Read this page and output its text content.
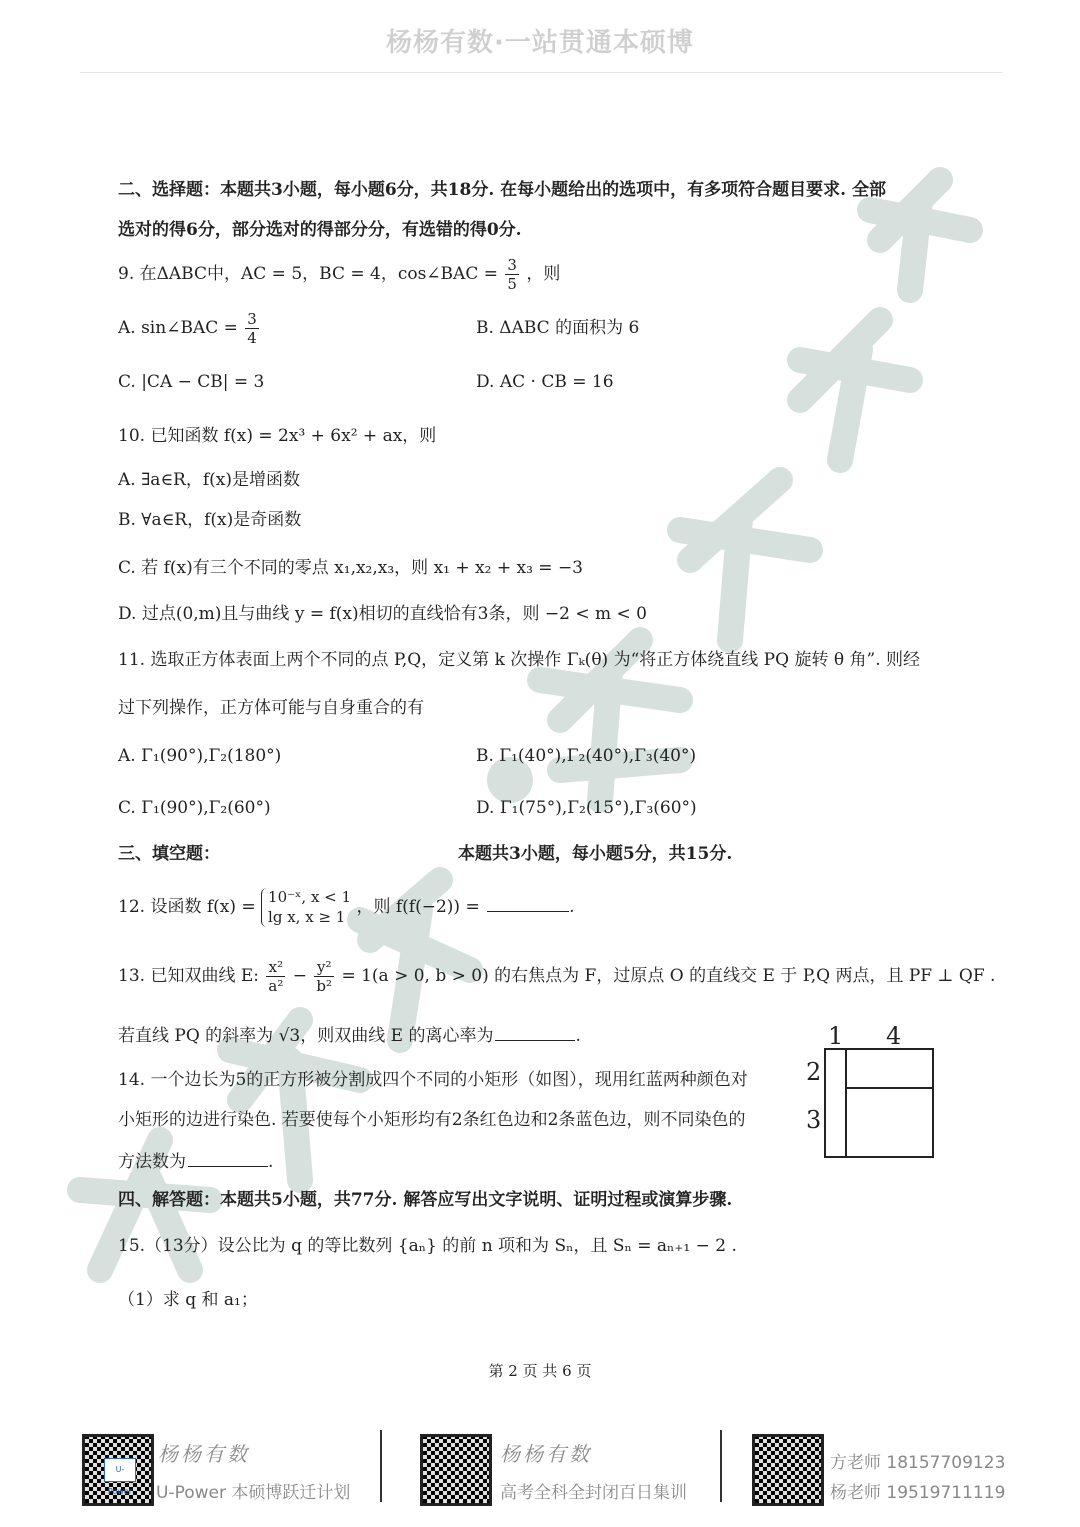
杨杨有数·一站贯通本硕博
二、选择题：本题共3小题，每小题6分，共18分. 在每小题给出的选项中，有多项符合题目要求. 全部
选对的得6分，部分选对的得部分分，有选错的得0分.
9. 在ΔABC中，AC = 5，BC = 4，cos∠BAC = $\frac{3}{5}$ ，则
A. sin∠BAC = $\frac{3}{4}$	B. ΔABC 的面积为 6
C. |CA − CB| = 3	D. AC · CB = 16
10. 已知函数 f(x) = 2x³ + 6x² + ax，则
A. ∃a∈R，f(x)是增函数
B. ∀a∈R，f(x)是奇函数
C. 若 f(x)有三个不同的零点 x₁,x₂,x₃，则 x₁ + x₂ + x₃ = −3
D. 过点(0,m)且与曲线 y = f(x)相切的直线恰有3条，则 −2 < m < 0
11. 选取正方体表面上两个不同的点 P,Q，定义第 k 次操作 Γₖ(θ) 为“将正方体绕直线 PQ 旋转 θ 角”. 则经
过下列操作，正方体可能与自身重合的有
A. Γ₁(90°),Γ₂(180°)	B. Γ₁(40°),Γ₂(40°),Γ₃(40°)
C. Γ₁(90°),Γ₂(60°)	D. Γ₁(75°),Γ₂(15°),Γ₃(60°)
三、填空题：	本题共3小题，每小题5分，共15分.
12. 设函数 f(x) = 10⁻ˣ, x < 1
lg x, x ≥ 1 ，则 f(f(−2)) =	.
13. 已知双曲线 E: $\frac{\text{x²}}{\text{a²}} - \frac{\text{y²}}{\text{b²}} = 1(a > 0$, b > 0) 的右焦点为 F，过原点 O 的直线交 E 于 P,Q 两点，且 PF ⊥ QF .
若直线 PQ 的斜率为 √3，则双曲线 E 的离心率为	.
14. 一个边长为5的正方形被分割成四个不同的小矩形（如图），现用红蓝两种颜色对
小矩形的边进行染色. 若要使每个小矩形均有2条红色边和2条蓝色边，则不同染色的
方法数为	.
1 4
2
3
四、解答题：本题共5小题，共77分. 解答应写出文字说明、证明过程或演算步骤.
15.（13分）设公比为 q 的等比数列 {aₙ} 的前 n 项和为 Sₙ，且 Sₙ = aₙ₊₁ − 2 .
（1）求 q 和 a₁；
第 2 页 共 6 页
U-Power
杨杨有数
U-Power 本硕博跃迁计划
杨杨有数
高考全科全封闭百日集训
方老师 18157709123
杨老师 19519711119
